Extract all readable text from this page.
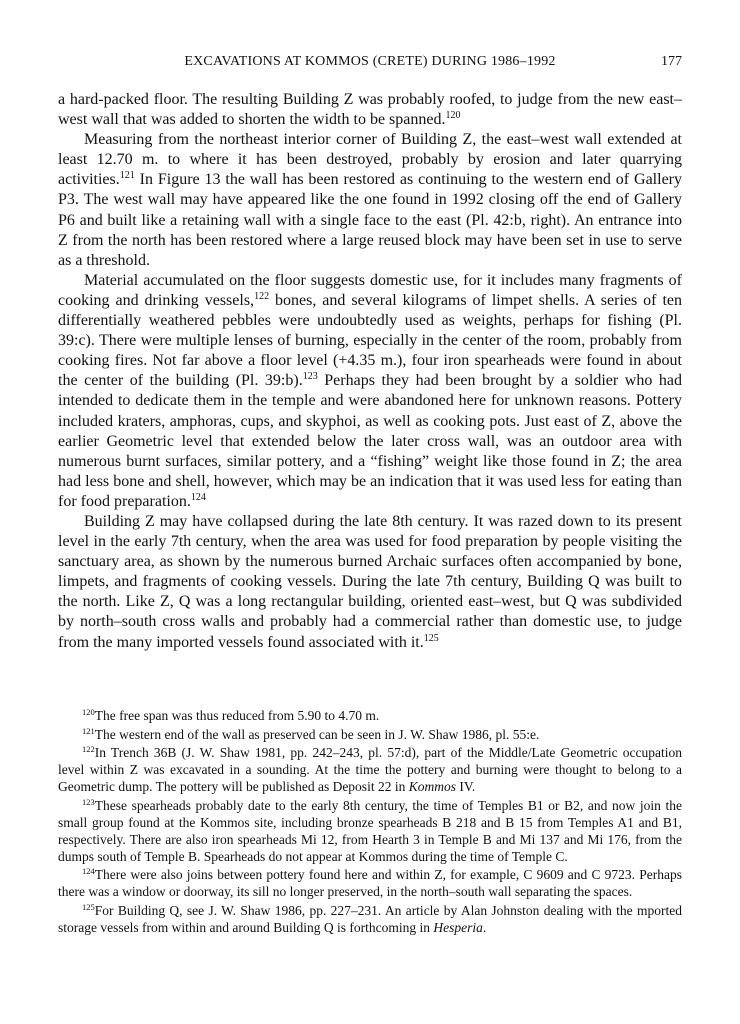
EXCAVATIONS AT KOMMOS (CRETE) DURING 1986–1992	177

a hard-packed floor. The resulting Building Z was probably roofed, to judge from the new east–west wall that was added to shorten the width to be spanned.$^{120}$

Measuring from the northeast interior corner of Building Z, the east–west wall extended at least 12.70 m. to where it has been destroyed, probably by erosion and later quarrying activities.$^{121}$ In Figure 13 the wall has been restored as continuing to the western end of Gallery P3. The west wall may have appeared like the one found in 1992 closing off the end of Gallery P6 and built like a retaining wall with a single face to the east (Pl. 42:b, right). An entrance into Z from the north has been restored where a large reused block may have been set in use to serve as a threshold.

Material accumulated on the floor suggests domestic use, for it includes many fragments of cooking and drinking vessels,$^{122}$ bones, and several kilograms of limpet shells. A series of ten differentially weathered pebbles were undoubtedly used as weights, perhaps for fishing (Pl. 39:c). There were multiple lenses of burning, especially in the center of the room, probably from cooking fires. Not far above a floor level (+4.35 m.), four iron spearheads were found in about the center of the building (Pl. 39:b).$^{123}$ Perhaps they had been brought by a soldier who had intended to dedicate them in the temple and were abandoned here for unknown reasons. Pottery included kraters, amphoras, cups, and skyphoi, as well as cooking pots. Just east of Z, above the earlier Geometric level that extended below the later cross wall, was an outdoor area with numerous burnt surfaces, similar pottery, and a “fishing” weight like those found in Z; the area had less bone and shell, however, which may be an indication that it was used less for eating than for food preparation.$^{124}$

Building Z may have collapsed during the late 8th century. It was razed down to its present level in the early 7th century, when the area was used for food preparation by people visiting the sanctuary area, as shown by the numerous burned Archaic surfaces often accompanied by bone, limpets, and fragments of cooking vessels. During the late 7th century, Building Q was built to the north. Like Z, Q was a long rectangular building, oriented east–west, but Q was subdivided by north–south cross walls and probably had a commercial rather than domestic use, to judge from the many imported vessels found associated with it.$^{125}$

$^{120}$The free span was thus reduced from 5.90 to 4.70 m.

$^{121}$The western end of the wall as preserved can be seen in J. W. Shaw 1986, pl. 55:e.

$^{122}$In Trench 36B (J. W. Shaw 1981, pp. 242–243, pl. 57:d), part of the Middle/Late Geometric occupation level within Z was excavated in a sounding. At the time the pottery and burning were thought to belong to a Geometric dump. The pottery will be published as Deposit 22 in Kommos IV.

$^{123}$These spearheads probably date to the early 8th century, the time of Temples B1 or B2, and now join the small group found at the Kommos site, including bronze spearheads B 218 and B 15 from Temples A1 and B1, respectively. There are also iron spearheads Mi 12, from Hearth 3 in Temple B and Mi 137 and Mi 176, from the dumps south of Temple B. Spearheads do not appear at Kommos during the time of Temple C.

$^{124}$There were also joins between pottery found here and within Z, for example, C 9609 and C 9723. Perhaps there was a window or doorway, its sill no longer preserved, in the north–south wall separating the spaces.

$^{125}$For Building Q, see J. W. Shaw 1986, pp. 227–231. An article by Alan Johnston dealing with the mported storage vessels from within and around Building Q is forthcoming in Hesperia.
